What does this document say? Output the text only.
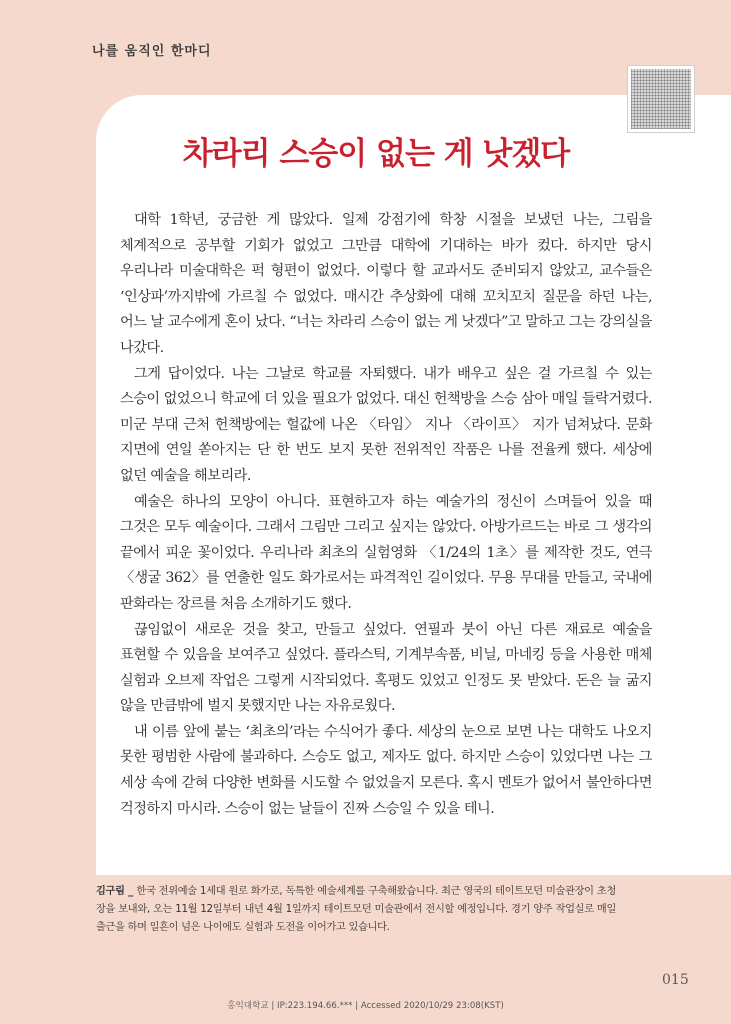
나를 움직인 한마디
차라리 스승이 없는 게 낫겠다

대학 1학년, 궁금한 게 많았다. 일제 강점기에 학창 시절을 보냈던 나는, 그림을 체계적으로 공부할 기회가 없었고 그만큼 대학에 기대하는 바가 컸다. 하지만 당시 우리나라 미술대학은 퍽 형편이 없었다. 이렇다 할 교과서도 준비되지 않았고, 교수들은 ‘인상파’까지밖에 가르칠 수 없었다. 매시간 추상화에 대해 꼬치꼬치 질문을 하던 나는, 어느 날 교수에게 혼이 났다. “너는 차라리 스승이 없는 게 낫겠다”고 말하고 그는 강의실을 나갔다.

그게 답이었다. 나는 그날로 학교를 자퇴했다. 내가 배우고 싶은 걸 가르칠 수 있는 스승이 없었으니 학교에 더 있을 필요가 없었다. 대신 헌책방을 스승 삼아 매일 들락거렸다. 미군 부대 근처 헌책방에는 헐값에 나온 〈타임〉 지나 〈라이프〉 지가 넘쳐났다. 문화 지면에 연일 쏟아지는 단 한 번도 보지 못한 전위적인 작품은 나를 전율케 했다. 세상에 없던 예술을 해보리라.

예술은 하나의 모양이 아니다. 표현하고자 하는 예술가의 정신이 스며들어 있을 때 그것은 모두 예술이다. 그래서 그림만 그리고 싶지는 않았다. 아방가르드는 바로 그 생각의 끝에서 피운 꽃이었다. 우리나라 최초의 실험영화 〈1/24의 1초〉를 제작한 것도, 연극 〈생굴 362〉를 연출한 일도 화가로서는 파격적인 길이었다. 무용 무대를 만들고, 국내에 판화라는 장르를 처음 소개하기도 했다.

끊임없이 새로운 것을 찾고, 만들고 싶었다. 연필과 붓이 아닌 다른 재료로 예술을 표현할 수 있음을 보여주고 싶었다. 플라스틱, 기계부속품, 비닐, 마네킹 등을 사용한 매체 실험과 오브제 작업은 그렇게 시작되었다. 혹평도 있었고 인정도 못 받았다. 돈은 늘 굶지 않을 만큼밖에 벌지 못했지만 나는 자유로웠다.

내 이름 앞에 붙는 ‘최초의’라는 수식어가 좋다. 세상의 눈으로 보면 나는 대학도 나오지 못한 평범한 사람에 불과하다. 스승도 없고, 제자도 없다. 하지만 스승이 있었다면 나는 그 세상 속에 갇혀 다양한 변화를 시도할 수 없었을지 모른다. 혹시 멘토가 없어서 불안하다면 걱정하지 마시라. 스승이 없는 날들이 진짜 스승일 수 있을 테니.

김구림 _ 한국 전위예술 1세대 원로 화가로, 독특한 예술세계를 구축해왔습니다. 최근 영국의 테이트모던 미술관장이 초청장을 보내와, 오는 11월 12일부터 내년 4월 1일까지 테이트모던 미술관에서 전시할 예정입니다. 경기 양주 작업실로 매일 출근을 하며 일흔이 넘은 나이에도 실험과 도전을 이어가고 있습니다.
015
홍익대학교 | IP:223.194.66.*** | Accessed 2020/10/29 23:08(KST)
